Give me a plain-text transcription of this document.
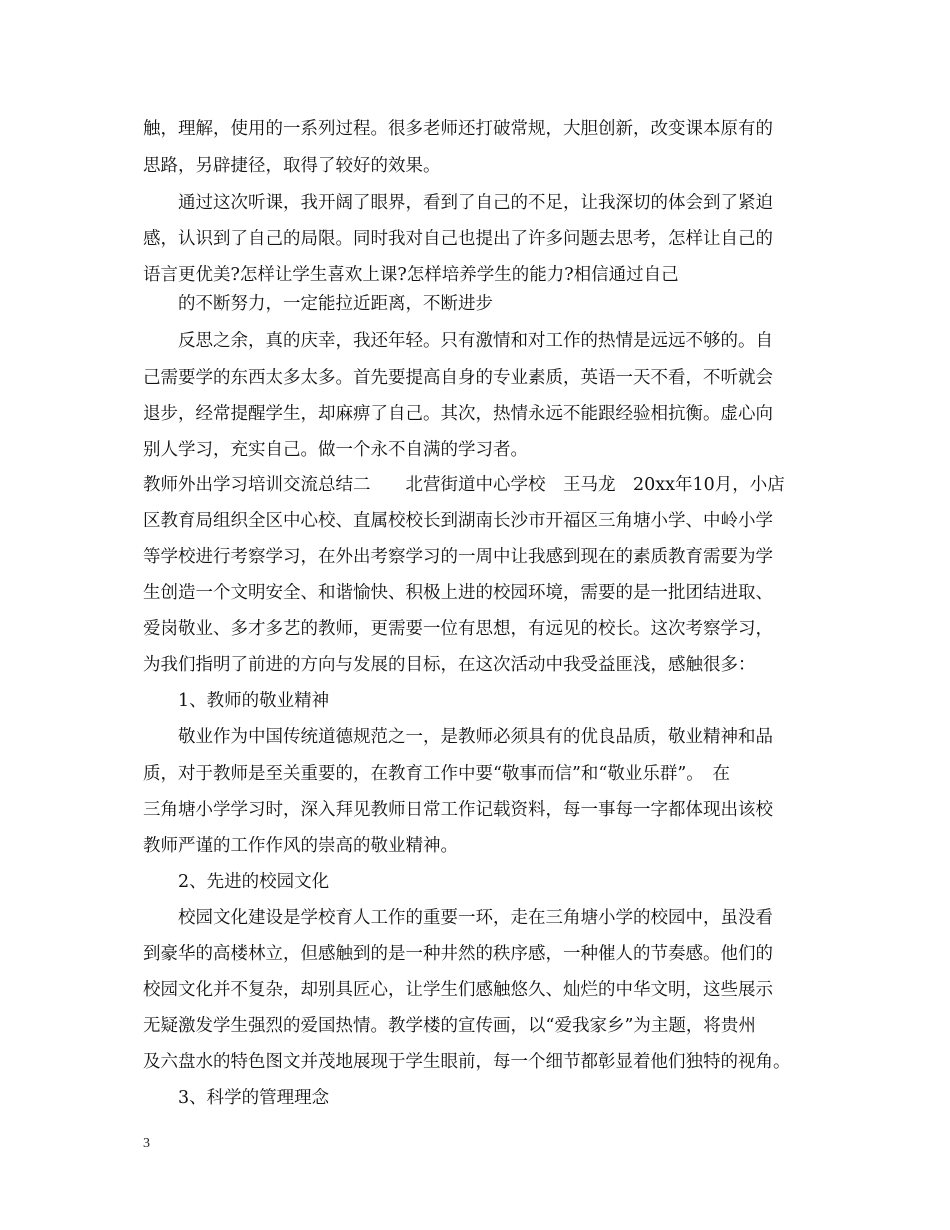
触，理解，使用的一系列过程。很多老师还打破常规，大胆创新，改变课本原有的
思路，另辟捷径，取得了较好的效果。
　　通过这次听课，我开阔了眼界，看到了自己的不足，让我深切的体会到了紧迫
感，认识到了自己的局限。同时我对自己也提出了许多问题去思考，怎样让自己的
语言更优美?怎样让学生喜欢上课?怎样培养学生的能力?相信通过自己
　　的不断努力，一定能拉近距离，不断进步
　　反思之余，真的庆幸，我还年轻。只有激情和对工作的热情是远远不够的。自
己需要学的东西太多太多。首先要提高自身的专业素质，英语一天不看，不听就会
退步，经常提醒学生，却麻痹了自己。其次，热情永远不能跟经验相抗衡。虚心向
别人学习，充实自己。做一个永不自满的学习者。
教师外出学习培训交流总结二　　北营街道中心学校　王马龙　20xx年10月，小店
区教育局组织全区中心校、直属校校长到湖南长沙市开福区三角塘小学、中岭小学
等学校进行考察学习，在外出考察学习的一周中让我感到现在的素质教育需要为学
生创造一个文明安全、和谐愉快、积极上进的校园环境，需要的是一批团结进取、
爱岗敬业、多才多艺的教师，更需要一位有思想，有远见的校长。这次考察学习，
为我们指明了前进的方向与发展的目标，在这次活动中我受益匪浅，感触很多：
　　1、教师的敬业精神
　　敬业作为中国传统道德规范之一，是教师必须具有的优良品质，敬业精神和品
质，对于教师是至关重要的，在教育工作中要“敬事而信”和“敬业乐群”。　在
三角塘小学学习时，深入拜见教师日常工作记载资料，每一事每一字都体现出该校
教师严谨的工作作风的崇高的敬业精神。
　　2、先进的校园文化
　　校园文化建设是学校育人工作的重要一环，走在三角塘小学的校园中，虽没看
到豪华的高楼林立，但感触到的是一种井然的秩序感，一种催人的节奏感。他们的
校园文化并不复杂，却别具匠心，让学生们感触悠久、灿烂的中华文明，这些展示
无疑激发学生强烈的爱国热情。教学楼的宣传画，以“爱我家乡”为主题，将贵州
及六盘水的特色图文并茂地展现于学生眼前，每一个细节都彰显着他们独特的视角。
　　3、科学的管理理念
3
